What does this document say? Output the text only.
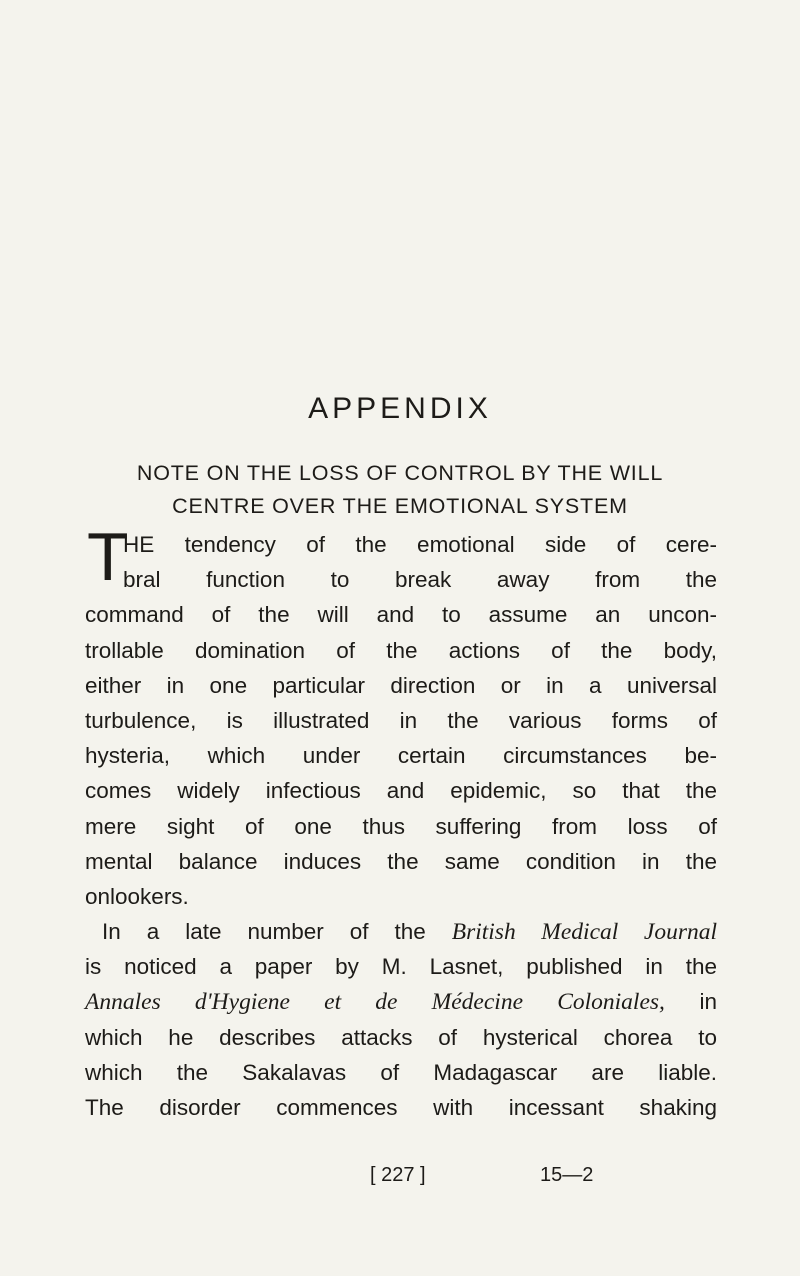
APPENDIX
NOTE ON THE LOSS OF CONTROL BY THE WILL
CENTRE OVER THE EMOTIONAL SYSTEM
T
HE tendency of the emotional side of cere-
bral function to break away from the
command of the will and to assume an uncon-
trollable domination of the actions of the body,
either in one particular direction or in a universal
turbulence, is illustrated in the various forms of
hysteria, which under certain circumstances be-
comes widely infectious and epidemic, so that the
mere sight of one thus suffering from loss of
mental balance induces the same condition in the
onlookers.
In a late number of the British Medical Journal
is noticed a paper by M. Lasnet, published in the
Annales d'Hygiene et de Médecine Coloniales, in
which he describes attacks of hysterical chorea to
which the Sakalavas of Madagascar are liable.
The disorder commences with incessant shaking
[ 227 ]	15—2
